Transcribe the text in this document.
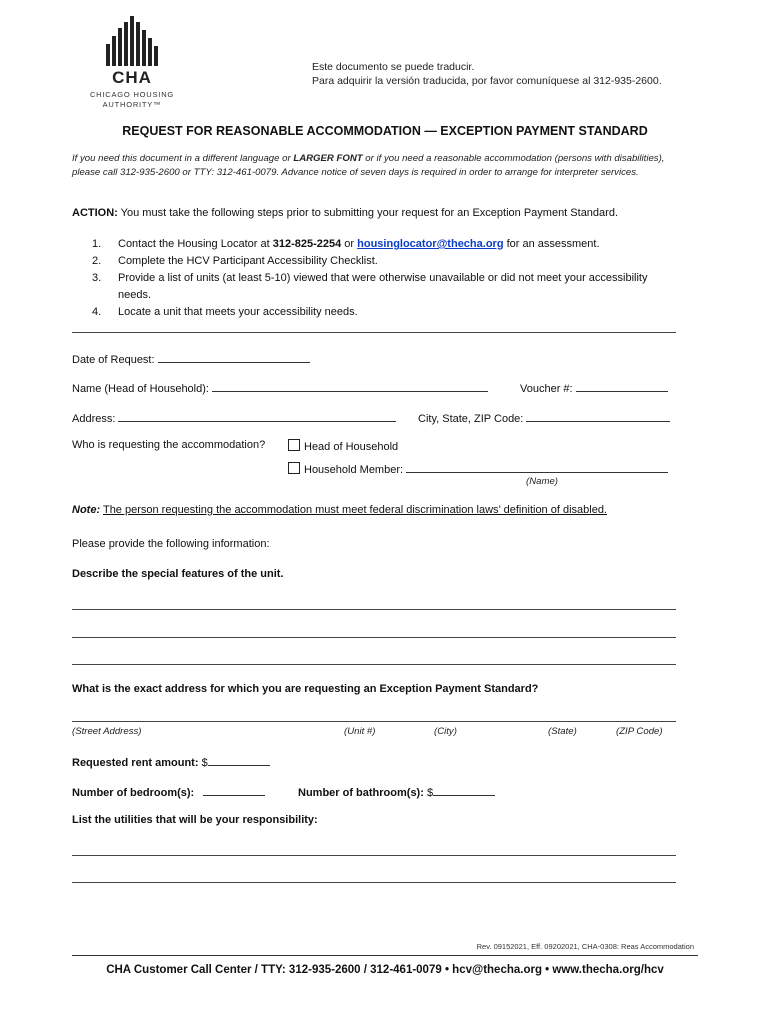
CHA
CHICAGO HOUSING
AUTHORITY™
Este documento se puede traducir.
Para adquirir la versión traducida, por favor comuníquese al 312-935-2600.
REQUEST FOR REASONABLE ACCOMMODATION — EXCEPTION PAYMENT STANDARD
If you need this document in a different language or LARGER FONT or if you need a reasonable accommodation (persons with disabilities), please call 312-935-2600 or TTY: 312-461-0079. Advance notice of seven days is required in order to arrange for interpreter services.
ACTION: You must take the following steps prior to submitting your request for an Exception Payment Standard.
1. Contact the Housing Locator at 312-825-2254 or housinglocator@thecha.org for an assessment.
2. Complete the HCV Participant Accessibility Checklist.
3. Provide a list of units (at least 5-10) viewed that were otherwise unavailable or did not meet your accessibility needs.
4. Locate a unit that meets your accessibility needs.
Date of Request:
Name (Head of Household):	Voucher #:
Address:	City, State, ZIP Code:
Who is requesting the accommodation?	Head of Household
Household Member:
(Name)
Note: The person requesting the accommodation must meet federal discrimination laws’ definition of disabled.
Please provide the following information:
Describe the special features of the unit.
What is the exact address for which you are requesting an Exception Payment Standard?
(Street Address)	(Unit #)	(City)	(State)	(ZIP Code)
Requested rent amount: $
Number of bedroom(s):	Number of bathroom(s): $
List the utilities that will be your responsibility:
Rev. 09152021, Eff. 09202021, CHA-0308: Reas Accommodation
CHA Customer Call Center / TTY: 312-935-2600 / 312-461-0079 • hcv@thecha.org • www.thecha.org/hcv
